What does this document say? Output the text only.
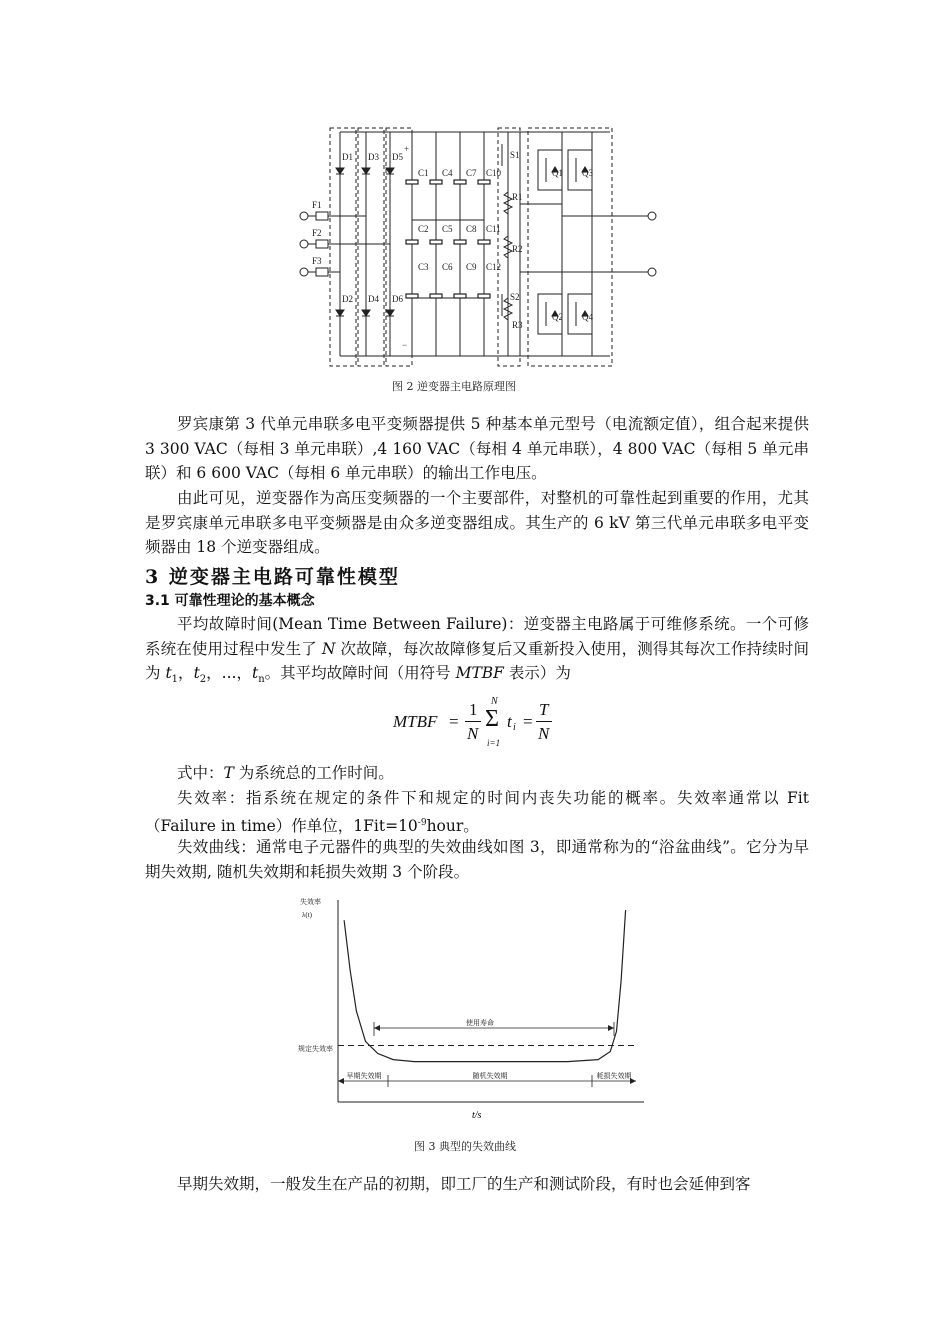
D1 D3 D5
+
D2 D4 D6
−
F1
F2
F3
C1 C4 C7 C10
C2 C5 C8 C11
C3 C6 C9 C12
S1
S2
R1
R2
R3
Q1 Q3
Q2 Q4
图 2 逆变器主电路原理图

罗宾康第 3 代单元串联多电平变频器提供 5 种基本单元型号（电流额定值），组合起来提供 3 300 VAC（每相 3 单元串联）,4 160 VAC（每相 4 单元串联），4 800 VAC（每相 5 单元串联）和 6 600 VAC（每相 6 单元串联）的输出工作电压。

由此可见，逆变器作为高压变频器的一个主要部件，对整机的可靠性起到重要的作用，尤其是罗宾康单元串联多电平变频器是由众多逆变器组成。其生产的 6 kV 第三代单元串联多电平变频器由 18 个逆变器组成。

3 逆变器主电路可靠性模型
3.1 可靠性理论的基本概念

平均故障时间(Mean Time Between Failure)：逆变器主电路属于可维修系统。一个可修系统在使用过程中发生了 N 次故障，每次故障修复后又重新投入使用，测得其每次工作持续时间为 $t_1$，$t_2$，...，$t_n$。其平均故障时间（用符号 MTBF 表示）为

MTBF =
1
N
N
Σ
i=1
t i =
T
N

式中：T 为系统总的工作时间。

失效率：指系统在规定的条件下和规定的时间内丧失功能的概率。失效率通常以 Fit（Failure in time）作单位，$1Fit=10^{-9}hour$。

失效曲线：通常电子元器件的典型的失效曲线如图 3，即通常称为的“浴盆曲线”。它分为早期失效期, 随机失效期和耗损失效期 3 个阶段。

失效率
λ(t)
规定失效率
使用寿命
早期失效期	随机失效期	耗损失效期
t/s
图 3 典型的失效曲线

早期失效期，一般发生在产品的初期，即工厂的生产和测试阶段，有时也会延伸到客
